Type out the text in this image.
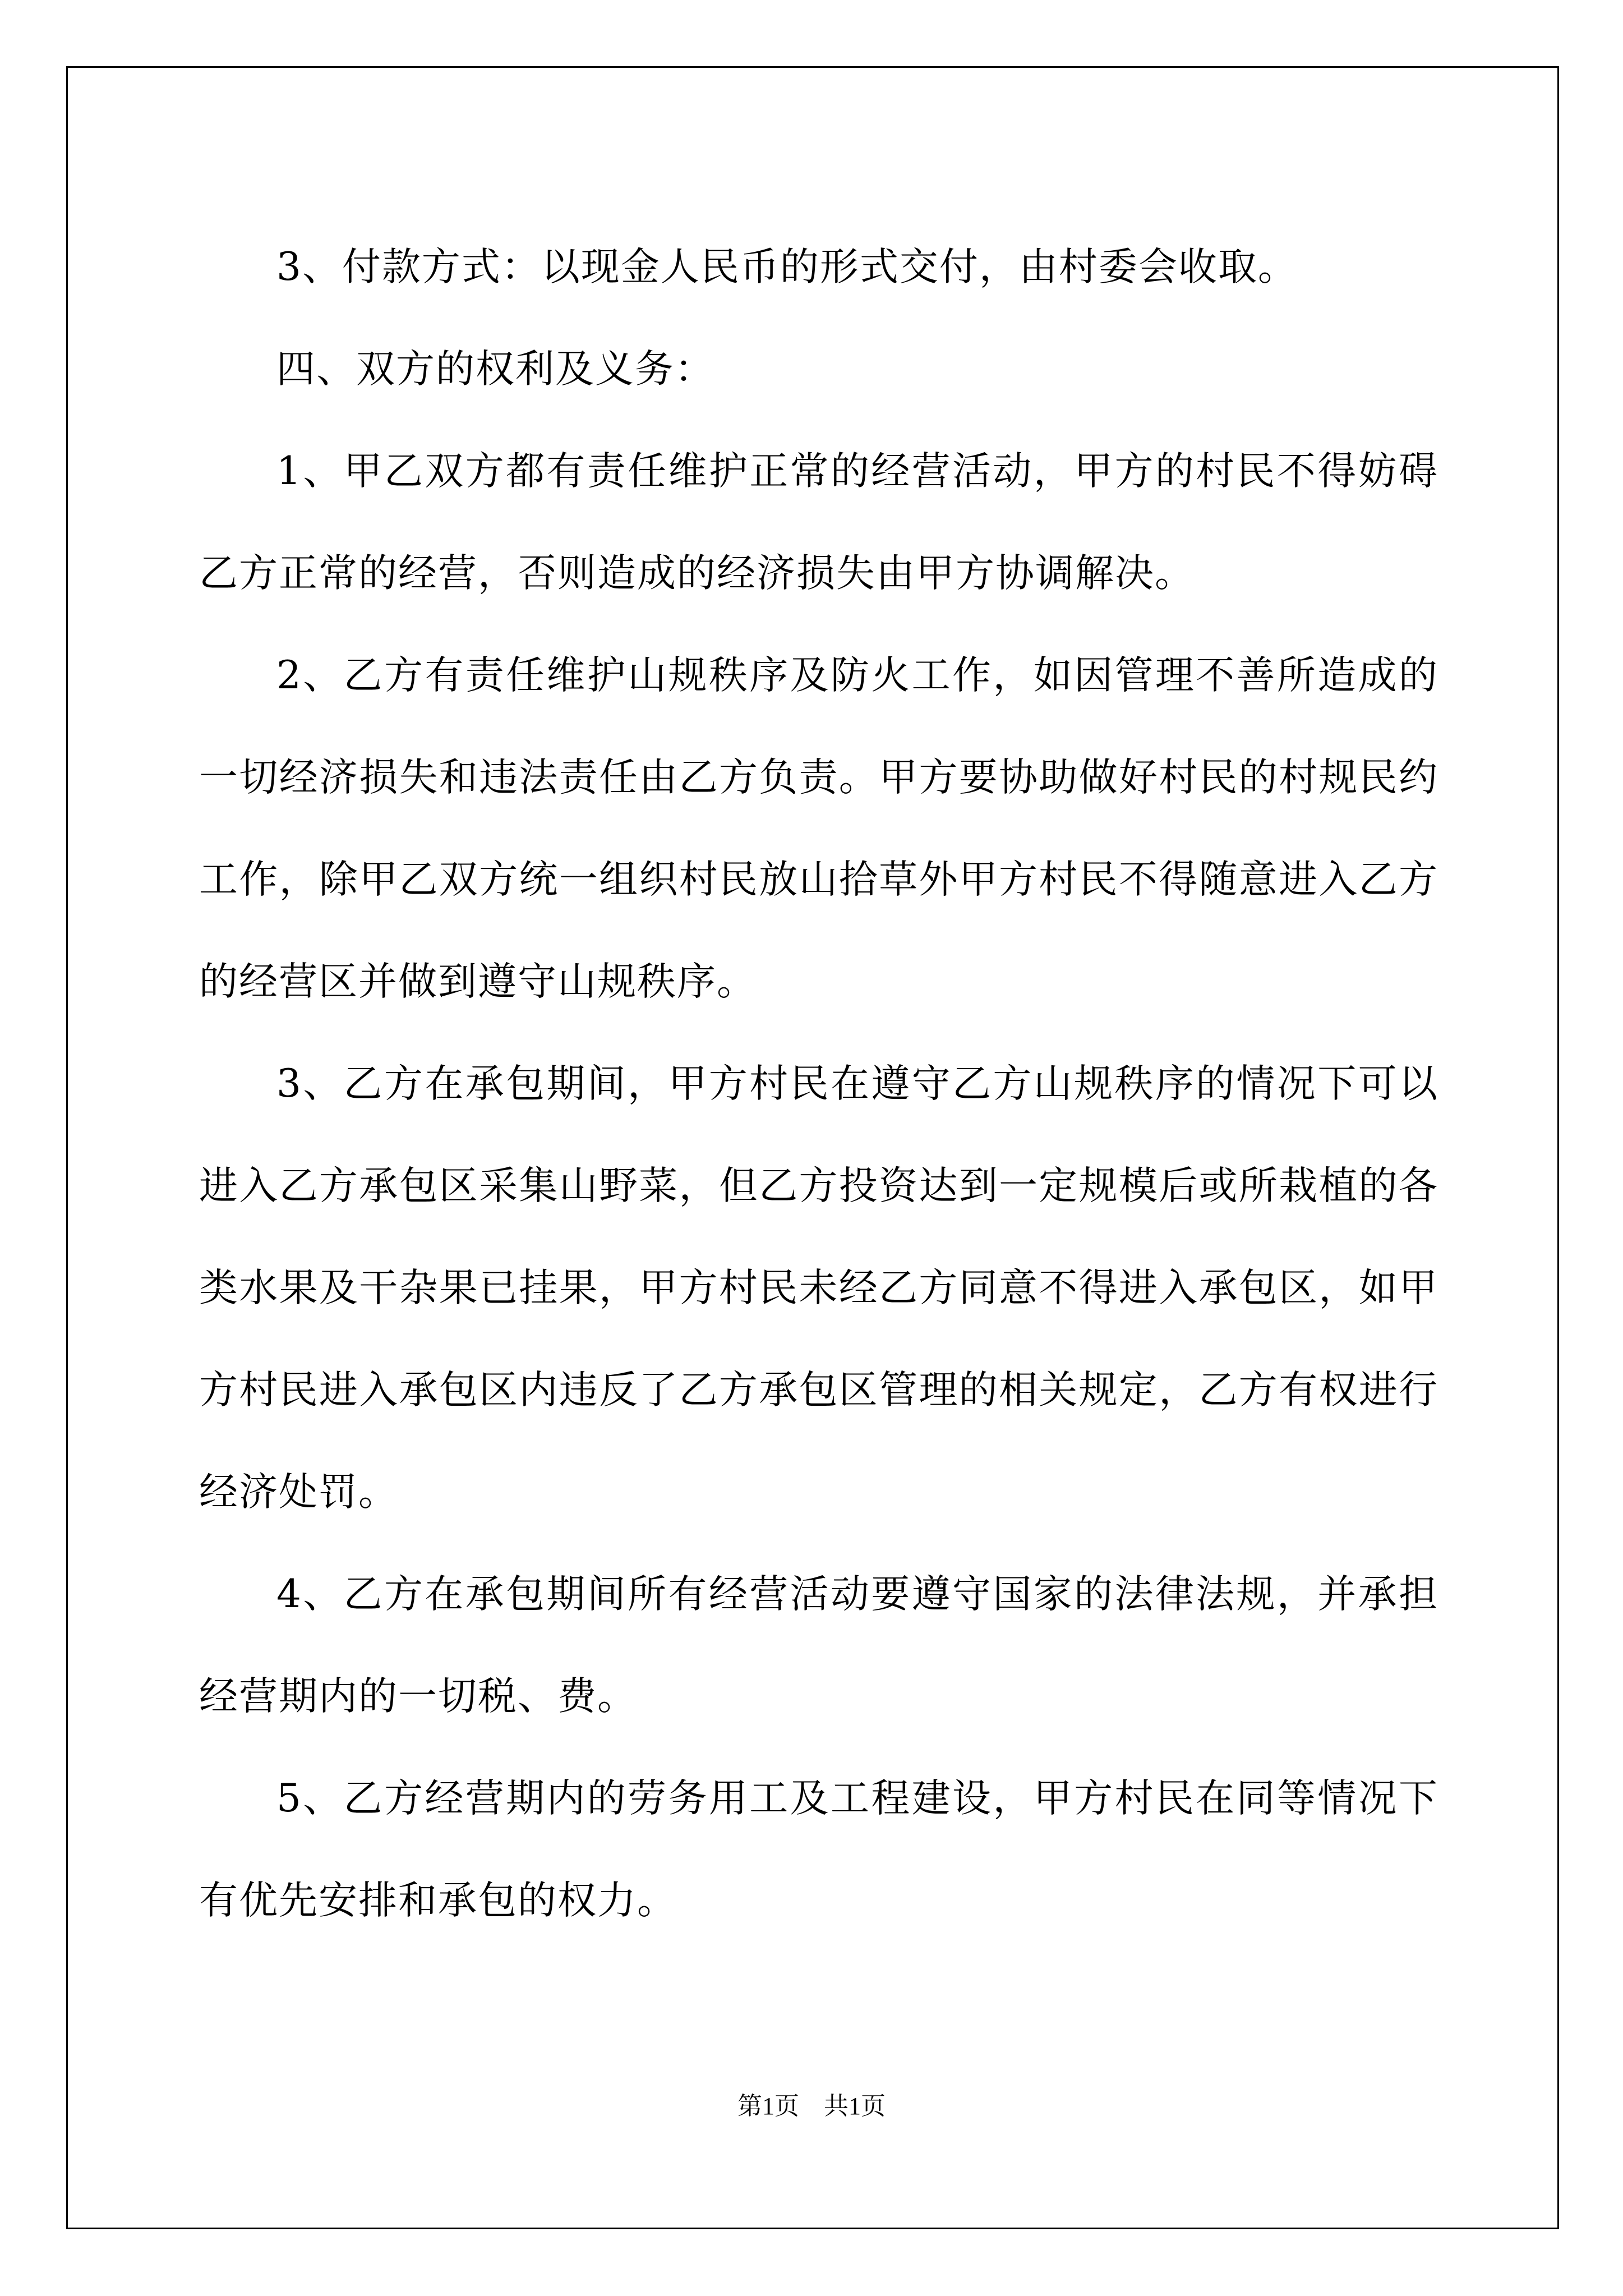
3、付款方式：以现金人民币的形式交付，由村委会收取。

四、双方的权利及义务：

1、甲乙双方都有责任维护正常的经营活动，甲方的村民不得妨碍乙方正常的经营，否则造成的经济损失由甲方协调解决。

2、乙方有责任维护山规秩序及防火工作，如因管理不善所造成的一切经济损失和违法责任由乙方负责。甲方要协助做好村民的村规民约工作，除甲乙双方统一组织村民放山拾草外甲方村民不得随意进入乙方的经营区并做到遵守山规秩序。

3、乙方在承包期间，甲方村民在遵守乙方山规秩序的情况下可以进入乙方承包区采集山野菜，但乙方投资达到一定规模后或所栽植的各类水果及干杂果已挂果，甲方村民未经乙方同意不得进入承包区，如甲方村民进入承包区内违反了乙方承包区管理的相关规定，乙方有权进行经济处罚。

4、乙方在承包期间所有经营活动要遵守国家的法律法规，并承担经营期内的一切税、费。

5、乙方经营期内的劳务用工及工程建设，甲方村民在同等情况下有优先安排和承包的权力。

第1页　共1页
